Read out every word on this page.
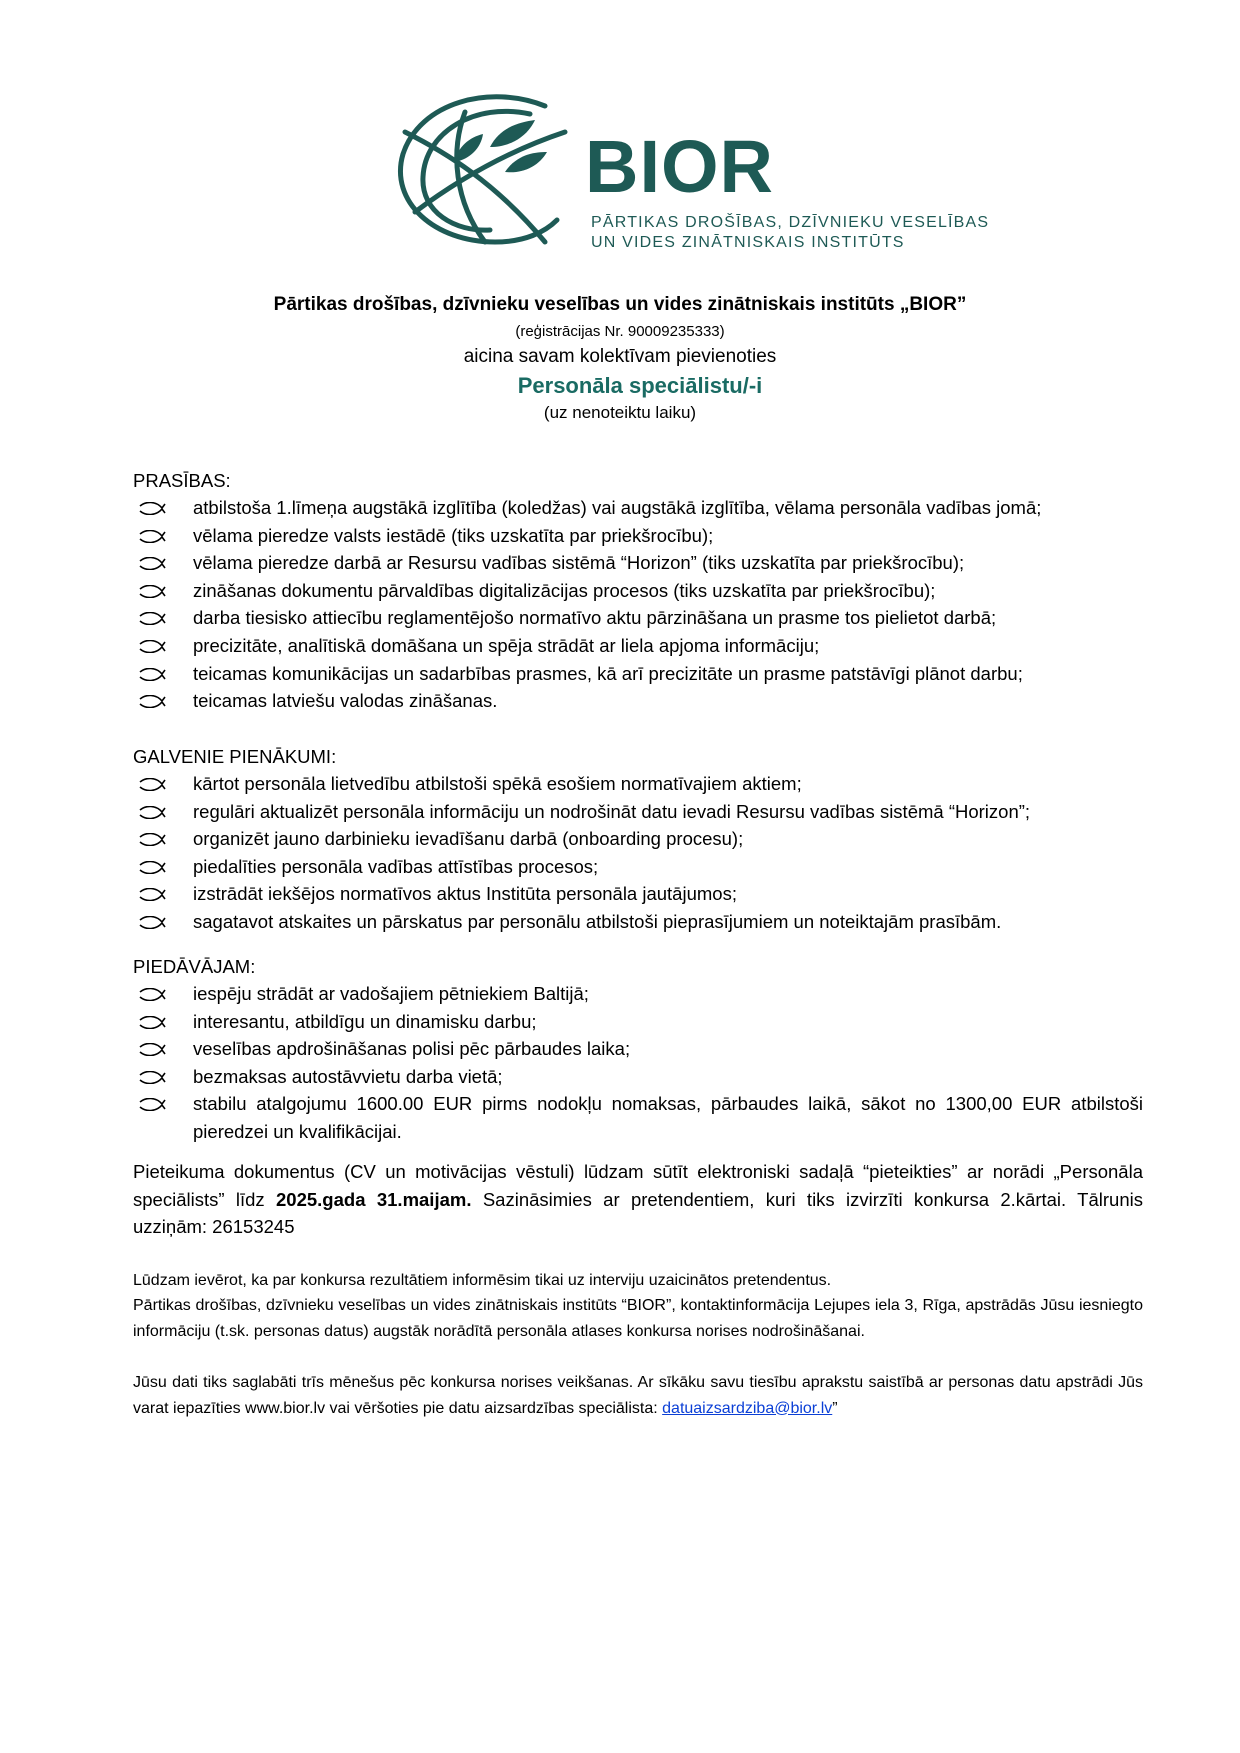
BIOR
PĀRTIKAS DROŠĪBAS, DZĪVNIEKU VESELĪBAS
UN VIDES ZINĀTNISKAIS INSTITŪTS
Pārtikas drošības, dzīvnieku veselības un vides zinātniskais institūts „BIOR”
(reģistrācijas Nr. 90009235333)
aicina savam kolektīvam pievienoties
Personāla speciālistu/-i
(uz nenoteiktu laiku)
PRASĪBAS:
atbilstoša 1.līmeņa augstākā izglītība (koledžas) vai augstākā izglītība, vēlama personāla vadības jomā;
vēlama pieredze valsts iestādē (tiks uzskatīta par priekšrocību);
vēlama pieredze darbā ar Resursu vadības sistēmā “Horizon” (tiks uzskatīta par priekšrocību);
zināšanas dokumentu pārvaldības digitalizācijas procesos (tiks uzskatīta par priekšrocību);
darba tiesisko attiecību reglamentējošo normatīvo aktu pārzināšana un prasme tos pielietot darbā;
precizitāte, analītiskā domāšana un spēja strādāt ar liela apjoma informāciju;
teicamas komunikācijas un sadarbības prasmes, kā arī precizitāte un prasme patstāvīgi plānot darbu;
teicamas latviešu valodas zināšanas.
GALVENIE PIENĀKUMI:
kārtot personāla lietvedību atbilstoši spēkā esošiem normatīvajiem aktiem;
regulāri aktualizēt personāla informāciju un nodrošināt datu ievadi Resursu vadības sistēmā “Horizon”;
organizēt jauno darbinieku ievadīšanu darbā (onboarding procesu);
piedalīties personāla vadības attīstības procesos;
izstrādāt iekšējos normatīvos aktus Institūta personāla jautājumos;
sagatavot atskaites un pārskatus par personālu atbilstoši pieprasījumiem un noteiktajām prasībām.
PIEDĀVĀJAM:
iespēju strādāt ar vadošajiem pētniekiem Baltijā;
interesantu, atbildīgu un dinamisku darbu;
veselības apdrošināšanas polisi pēc pārbaudes laika;
bezmaksas autostāvvietu darba vietā;
stabilu atalgojumu 1600.00 EUR pirms nodokļu nomaksas, pārbaudes laikā, sākot no 1300,00 EUR atbilstoši pieredzei un kvalifikācijai.

Pieteikuma dokumentus (CV un motivācijas vēstuli) lūdzam sūtīt elektroniski sadaļā “pieteikties” ar norādi „Personāla speciālists” līdz 2025.gada 31.maijam. Sazināsimies ar pretendentiem, kuri tiks izvirzīti konkursa 2.kārtai. Tālrunis uzziņām: 26153245

Lūdzam ievērot, ka par konkursa rezultātiem informēsim tikai uz interviju uzaicinātos pretendentus.

Pārtikas drošības, dzīvnieku veselības un vides zinātniskais institūts “BIOR”, kontaktinformācija Lejupes iela 3, Rīga, apstrādās Jūsu iesniegto informāciju (t.sk. personas datus) augstāk norādītā personāla atlases konkursa norises nodrošināšanai.

Jūsu dati tiks saglabāti trīs mēnešus pēc konkursa norises veikšanas. Ar sīkāku savu tiesību aprakstu saistībā ar personas datu apstrādi Jūs varat iepazīties www.bior.lv vai vēršoties pie datu aizsardzības speciālista: datuaizsardziba@bior.lv”
